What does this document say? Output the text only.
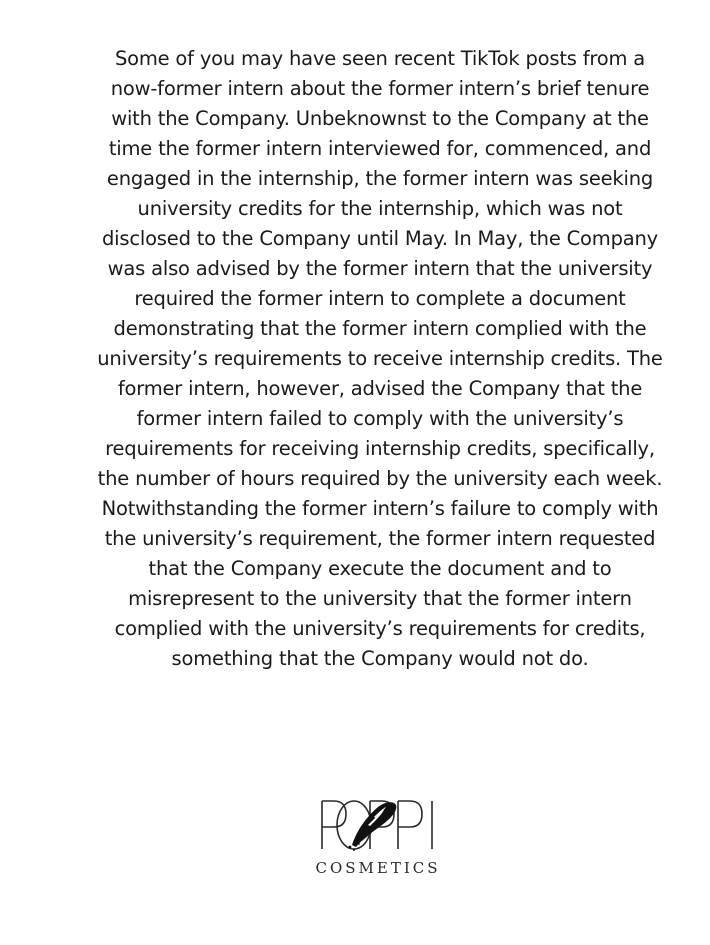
Some of you may have seen recent TikTok posts from a
now-former intern about the former intern’s brief tenure
with the Company. Unbeknownst to the Company at the
time the former intern interviewed for, commenced, and
engaged in the internship, the former intern was seeking
university credits for the internship, which was not
disclosed to the Company until May. In May, the Company
was also advised by the former intern that the university
required the former intern to complete a document
demonstrating that the former intern complied with the
university’s requirements to receive internship credits. The
former intern, however, advised the Company that the
former intern failed to comply with the university’s
requirements for receiving internship credits, specifically,
the number of hours required by the university each week.
Notwithstanding the former intern’s failure to comply with
the university’s requirement, the former intern requested
that the Company execute the document and to
misrepresent to the university that the former intern
complied with the university’s requirements for credits,
something that the Company would not do.
COSMETICS
